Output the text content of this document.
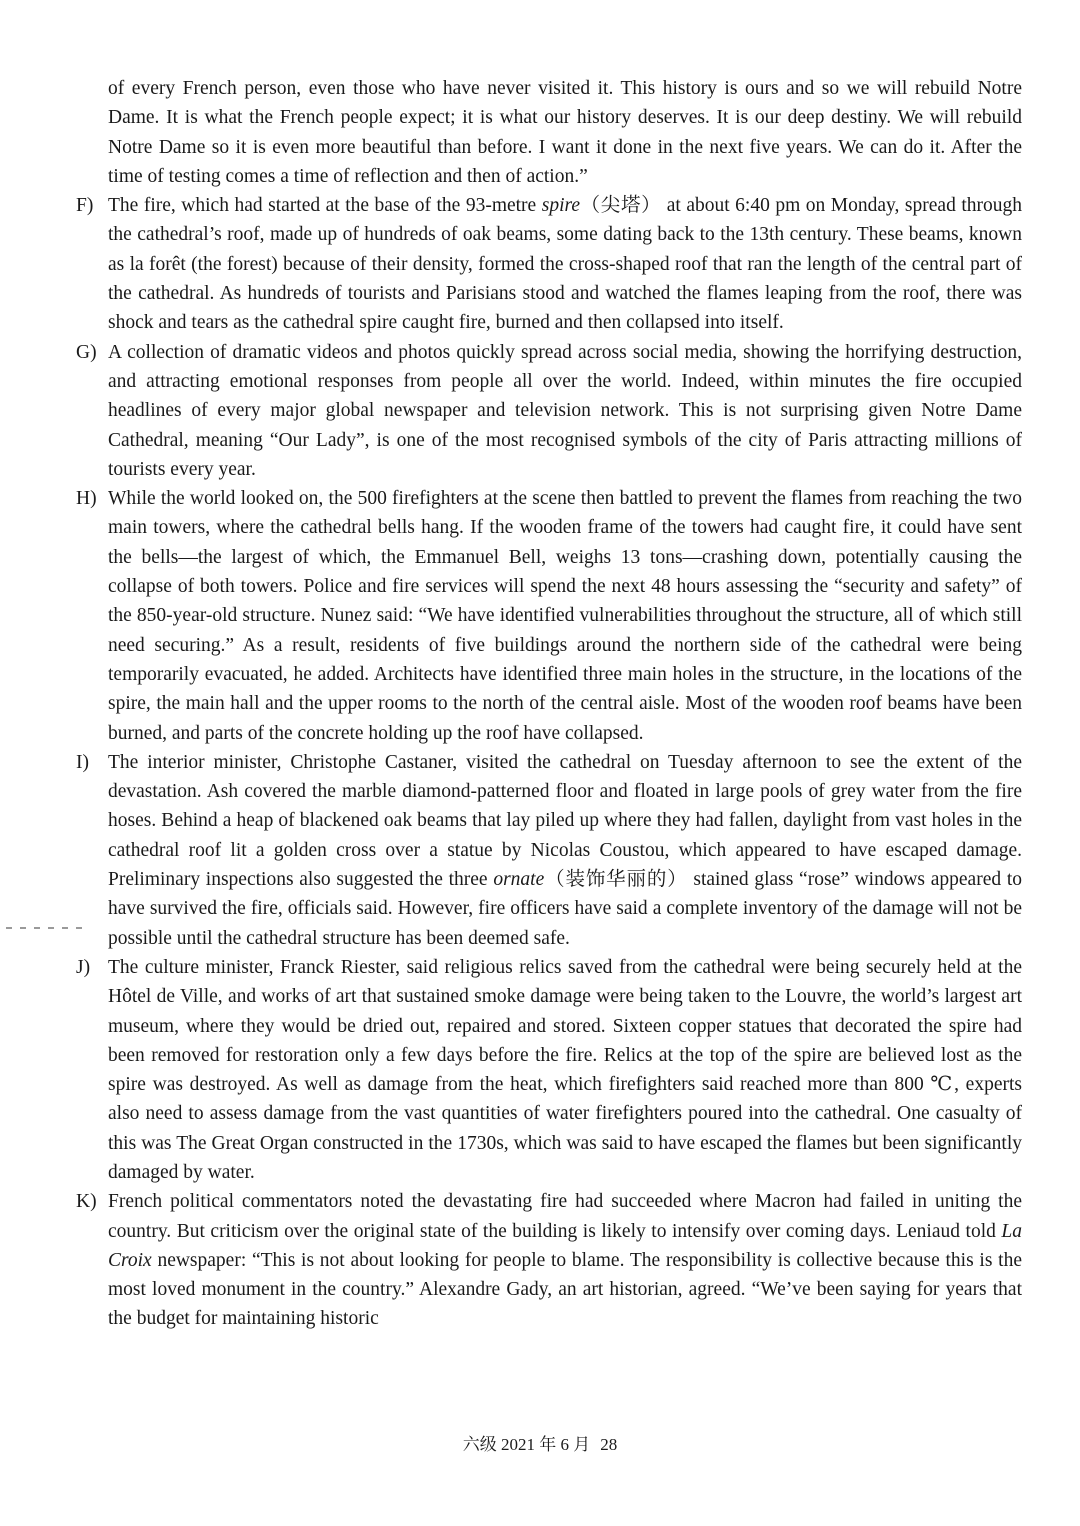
of every French person, even those who have never visited it. This history is ours and so we will rebuild Notre Dame. It is what the French people expect; it is what our history deserves. It is our deep destiny. We will rebuild Notre Dame so it is even more beautiful than before. I want it done in the next five years. We can do it. After the time of testing comes a time of reflection and then of action.”

F) The fire, which had started at the base of the 93-metre spire（尖塔） at about 6:40 pm on Monday, spread through the cathedral’s roof, made up of hundreds of oak beams, some dating back to the 13th century. These beams, known as la forêt (the forest) because of their density, formed the cross-shaped roof that ran the length of the central part of the cathedral. As hundreds of tourists and Parisians stood and watched the flames leaping from the roof, there was shock and tears as the cathedral spire caught fire, burned and then collapsed into itself.

G) A collection of dramatic videos and photos quickly spread across social media, showing the horrifying destruction, and attracting emotional responses from people all over the world. Indeed, within minutes the fire occupied headlines of every major global newspaper and television network. This is not surprising given Notre Dame Cathedral, meaning “Our Lady”, is one of the most recognised symbols of the city of Paris attracting millions of tourists every year.

H) While the world looked on, the 500 firefighters at the scene then battled to prevent the flames from reaching the two main towers, where the cathedral bells hang. If the wooden frame of the towers had caught fire, it could have sent the bells—the largest of which, the Emmanuel Bell, weighs 13 tons—crashing down, potentially causing the collapse of both towers. Police and fire services will spend the next 48 hours assessing the “security and safety” of the 850-year-old structure. Nunez said: “We have identified vulnerabilities throughout the structure, all of which still need securing.” As a result, residents of five buildings around the northern side of the cathedral were being temporarily evacuated, he added. Architects have identified three main holes in the structure, in the locations of the spire, the main hall and the upper rooms to the north of the central aisle. Most of the wooden roof beams have been burned, and parts of the concrete holding up the roof have collapsed.

I) The interior minister, Christophe Castaner, visited the cathedral on Tuesday afternoon to see the extent of the devastation. Ash covered the marble diamond-patterned floor and floated in large pools of grey water from the fire hoses. Behind a heap of blackened oak beams that lay piled up where they had fallen, daylight from vast holes in the cathedral roof lit a golden cross over a statue by Nicolas Coustou, which appeared to have escaped damage. Preliminary inspections also suggested the three ornate（装饰华丽的） stained glass “rose” windows appeared to have survived the fire, officials said. However, fire officers have said a complete inventory of the damage will not be possible until the cathedral structure has been deemed safe.

J) The culture minister, Franck Riester, said religious relics saved from the cathedral were being securely held at the Hôtel de Ville, and works of art that sustained smoke damage were being taken to the Louvre, the world’s largest art museum, where they would be dried out, repaired and stored. Sixteen copper statues that decorated the spire had been removed for restoration only a few days before the fire. Relics at the top of the spire are believed lost as the spire was destroyed. As well as damage from the heat, which firefighters said reached more than 800 ℃, experts also need to assess damage from the vast quantities of water firefighters poured into the cathedral. One casualty of this was The Great Organ constructed in the 1730s, which was said to have escaped the flames but been significantly damaged by water.

K) French political commentators noted the devastating fire had succeeded where Macron had failed in uniting the country. But criticism over the original state of the building is likely to intensify over coming days. Leniaud told La Croix newspaper: “This is not about looking for people to blame. The responsibility is collective because this is the most loved monument in the country.” Alexandre Gady, an art historian, agreed. “We’ve been saying for years that the budget for maintaining historic

六级 2021 年 6 月 28
